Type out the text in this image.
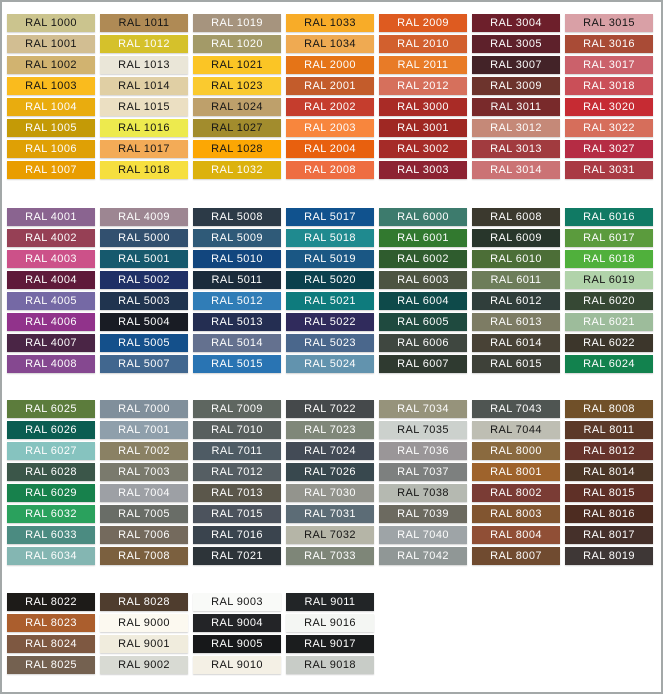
RAL 1000
RAL 1001
RAL 1002
RAL 1003
RAL 1004
RAL 1005
RAL 1006
RAL 1007
RAL 1011
RAL 1012
RAL 1013
RAL 1014
RAL 1015
RAL 1016
RAL 1017
RAL 1018
RAL 1019
RAL 1020
RAL 1021
RAL 1023
RAL 1024
RAL 1027
RAL 1028
RAL 1032
RAL 1033
RAL 1034
RAL 2000
RAL 2001
RAL 2002
RAL 2003
RAL 2004
RAL 2008
RAL 2009
RAL 2010
RAL 2011
RAL 2012
RAL 3000
RAL 3001
RAL 3002
RAL 3003
RAL 3004
RAL 3005
RAL 3007
RAL 3009
RAL 3011
RAL 3012
RAL 3013
RAL 3014
RAL 3015
RAL 3016
RAL 3017
RAL 3018
RAL 3020
RAL 3022
RAL 3027
RAL 3031
RAL 4001
RAL 4002
RAL 4003
RAL 4004
RAL 4005
RAL 4006
RAL 4007
RAL 4008
RAL 4009
RAL 5000
RAL 5001
RAL 5002
RAL 5003
RAL 5004
RAL 5005
RAL 5007
RAL 5008
RAL 5009
RAL 5010
RAL 5011
RAL 5012
RAL 5013
RAL 5014
RAL 5015
RAL 5017
RAL 5018
RAL 5019
RAL 5020
RAL 5021
RAL 5022
RAL 5023
RAL 5024
RAL 6000
RAL 6001
RAL 6002
RAL 6003
RAL 6004
RAL 6005
RAL 6006
RAL 6007
RAL 6008
RAL 6009
RAL 6010
RAL 6011
RAL 6012
RAL 6013
RAL 6014
RAL 6015
RAL 6016
RAL 6017
RAL 6018
RAL 6019
RAL 6020
RAL 6021
RAL 6022
RAL 6024
RAL 6025
RAL 6026
RAL 6027
RAL 6028
RAL 6029
RAL 6032
RAL 6033
RAL 6034
RAL 7000
RAL 7001
RAL 7002
RAL 7003
RAL 7004
RAL 7005
RAL 7006
RAL 7008
RAL 7009
RAL 7010
RAL 7011
RAL 7012
RAL 7013
RAL 7015
RAL 7016
RAL 7021
RAL 7022
RAL 7023
RAL 7024
RAL 7026
RAL 7030
RAL 7031
RAL 7032
RAL 7033
RAL 7034
RAL 7035
RAL 7036
RAL 7037
RAL 7038
RAL 7039
RAL 7040
RAL 7042
RAL 7043
RAL 7044
RAL 8000
RAL 8001
RAL 8002
RAL 8003
RAL 8004
RAL 8007
RAL 8008
RAL 8011
RAL 8012
RAL 8014
RAL 8015
RAL 8016
RAL 8017
RAL 8019
RAL 8022
RAL 8023
RAL 8024
RAL 8025
RAL 8028
RAL 9000
RAL 9001
RAL 9002
RAL 9003
RAL 9004
RAL 9005
RAL 9010
RAL 9011
RAL 9016
RAL 9017
RAL 9018
